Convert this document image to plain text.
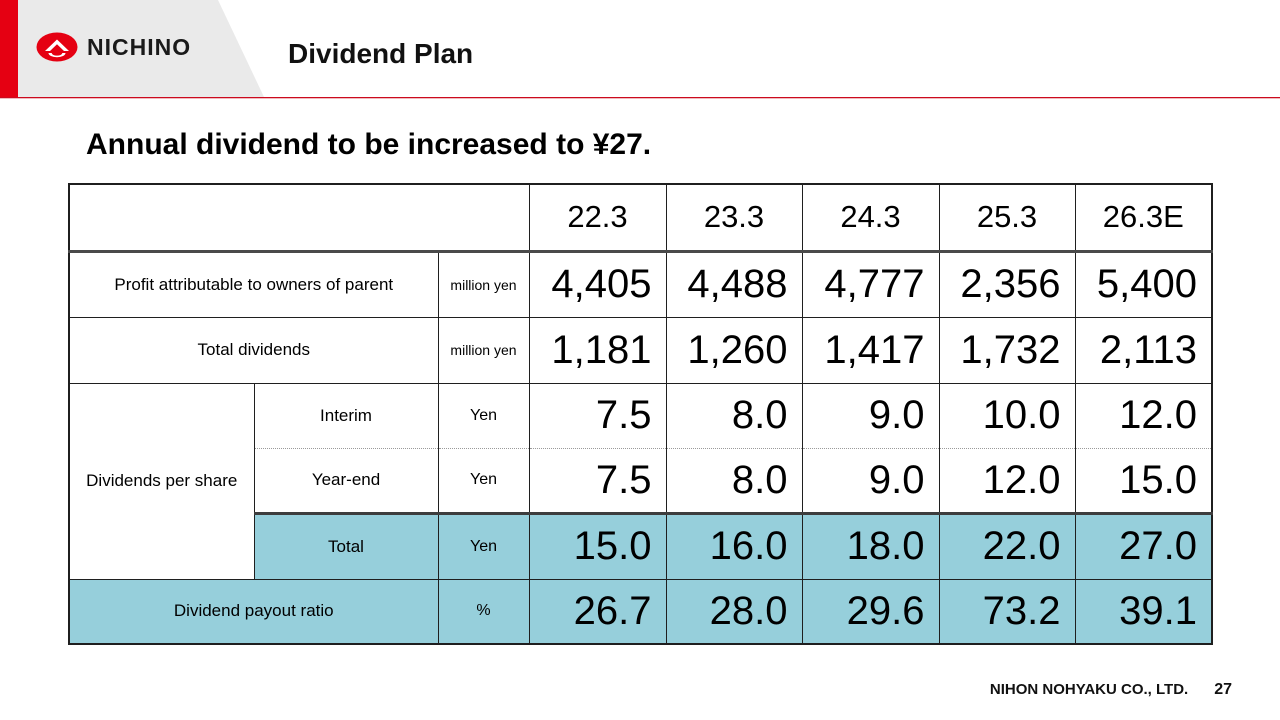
NICHINO	Dividend Plan
Annual dividend to be increased to ¥27.
			22.3	23.3	24.3	25.3	26.3E
Profit attributable to owners of parent		million yen	4,405	4,488	4,777	2,356	5,400
Total dividends		million yen	1,181	1,260	1,417	1,732	2,113
Dividends per share	Interim	Yen	7.5	8.0	9.0	10.0	12.0
	Year-end	Yen	7.5	8.0	9.0	12.0	15.0
	Total	Yen	15.0	16.0	18.0	22.0	27.0
Dividend payout ratio		%	26.7	28.0	29.6	73.2	39.1
NIHON NOHYAKU CO., LTD. 27
